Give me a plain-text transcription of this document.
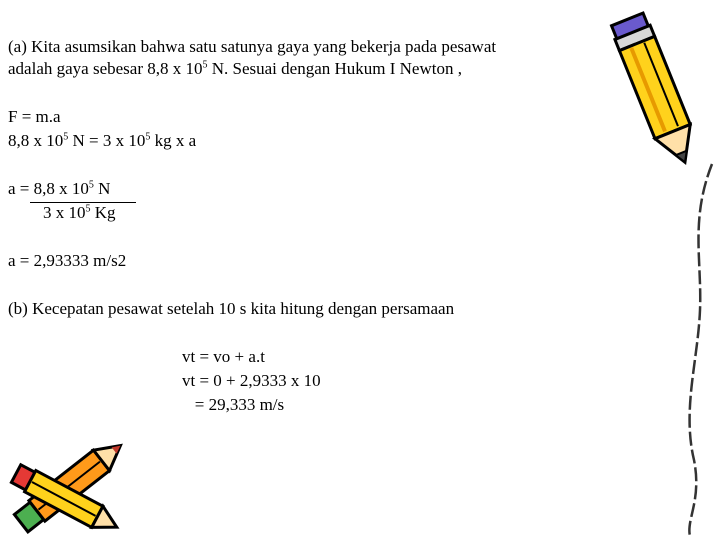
(a) Kita asumsikan bahwa satu satunya gaya yang bekerja pada pesawat
adalah gaya sebesar 8,8 x $10^5$ N. Sesuai dengan Hukum I Newton ,
F = m.a
8,8 x $10^5$ N = 3 x $10^5$ kg x a
a = 8,8 x $10^5$ N
3 x $10^5$ Kg
a = 2,93333 m/s2
(b) Kecepatan pesawat setelah 10 s kita hitung dengan persamaan
vt = vo + a.t
vt = 0 + 2,9333 x 10
= 29,333 m/s
